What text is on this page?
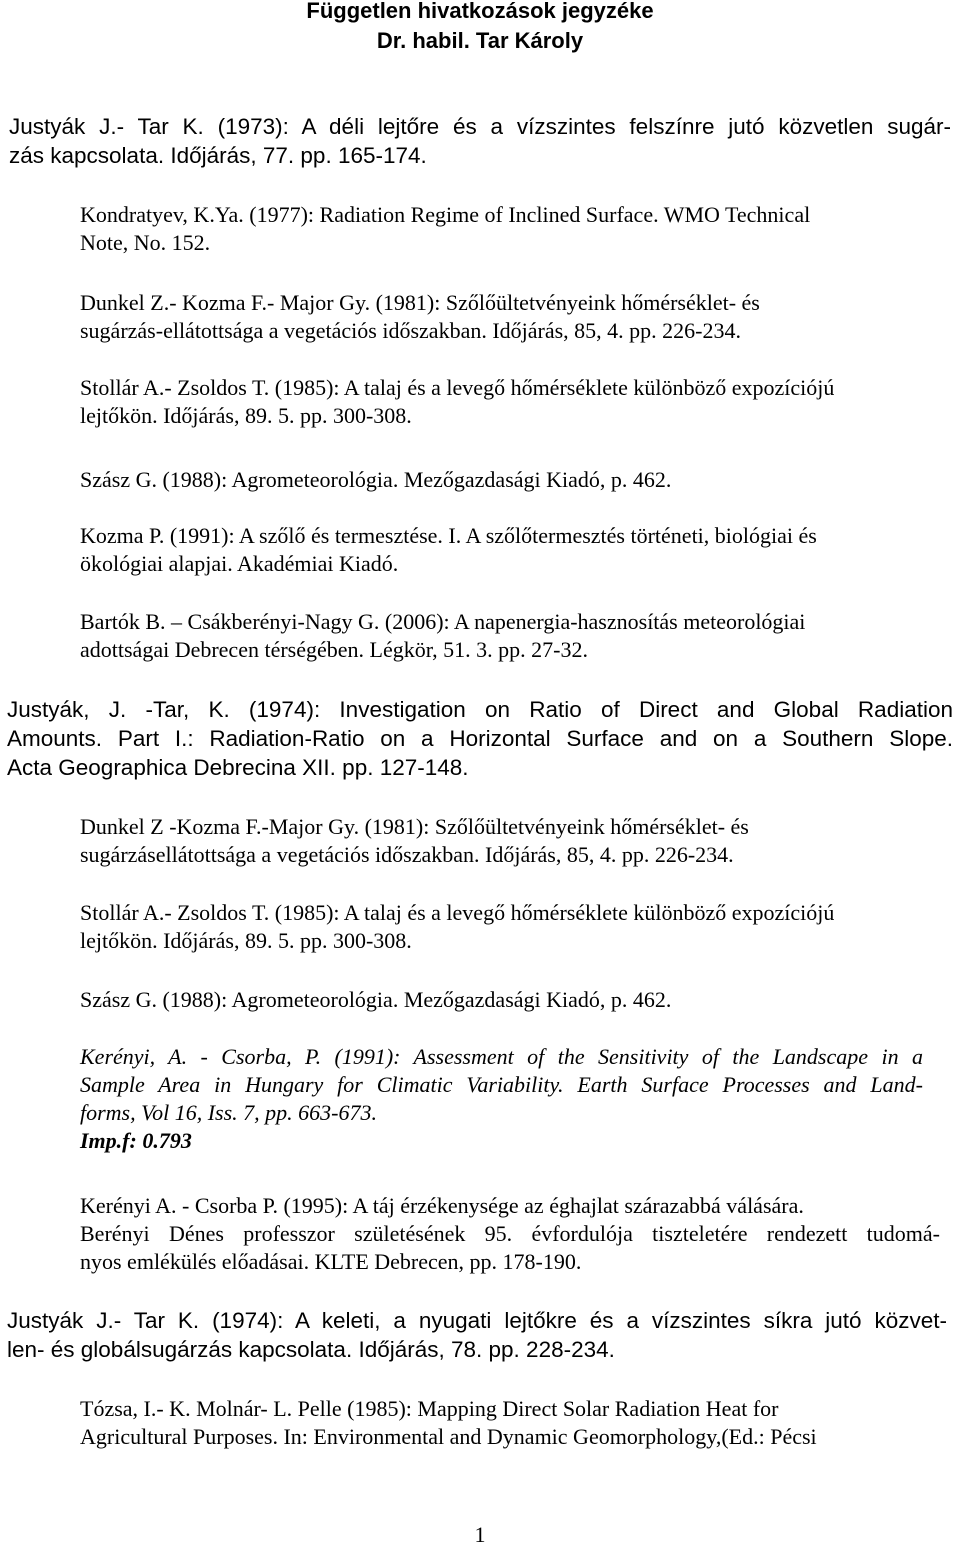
Független hivatkozások jegyzéke
Dr. habil. Tar Károly
Justyák J.- Tar K. (1973): A déli lejtőre és a vízszintes felszínre jutó közvetlen sugár-
zás kapcsolata. Időjárás, 77. pp. 165-174.
Kondratyev, K.Ya. (1977): Radiation Regime of Inclined Surface. WMO Technical
Note, No. 152.
Dunkel Z.- Kozma F.- Major Gy. (1981): Szőlőültetvényeink hőmérséklet- és
sugárzás-ellátottsága a vegetációs időszakban. Időjárás, 85, 4. pp. 226-234.
Stollár A.- Zsoldos T. (1985): A talaj és a levegő hőmérséklete különböző expozíciójú
lejtőkön. Időjárás, 89. 5. pp. 300-308.
Szász G. (1988): Agrometeorológia. Mezőgazdasági Kiadó, p. 462.
Kozma P. (1991): A szőlő és termesztése. I. A szőlőtermesztés történeti, biológiai és
ökológiai alapjai. Akadémiai Kiadó.
Bartók B. – Csákberényi-Nagy G. (2006): A napenergia-hasznosítás meteorológiai
adottságai Debrecen térségében. Légkör, 51. 3. pp. 27-32.
Justyák, J. -Tar, K. (1974): Investigation on Ratio of Direct and Global Radiation
Amounts. Part I.: Radiation-Ratio on a Horizontal Surface and on a Southern Slope.
Acta Geographica Debrecina XII. pp. 127-148.
Dunkel Z -Kozma F.-Major Gy. (1981): Szőlőültetvényeink hőmérséklet- és
sugárzásellátottsága a vegetációs időszakban. Időjárás, 85, 4. pp. 226-234.
Stollár A.- Zsoldos T. (1985): A talaj és a levegő hőmérséklete különböző expozíciójú
lejtőkön. Időjárás, 89. 5. pp. 300-308.
Szász G. (1988): Agrometeorológia. Mezőgazdasági Kiadó, p. 462.
Kerényi, A. - Csorba, P. (1991): Assessment of the Sensitivity of the Landscape in a
Sample Area in Hungary for Climatic Variability. Earth Surface Processes and Land-
forms, Vol 16, Iss. 7, pp. 663-673.
Imp.f: 0.793
Kerényi A. - Csorba P. (1995): A táj érzékenysége az éghajlat szárazabbá válására.
Berényi Dénes professzor születésének 95. évfordulója tiszteletére rendezett tudomá-
nyos emlékülés előadásai. KLTE Debrecen, pp. 178-190.
Justyák J.- Tar K. (1974): A keleti, a nyugati lejtőkre és a vízszintes síkra jutó közvet-
len- és globálsugárzás kapcsolata. Időjárás, 78. pp. 228-234.
Tózsa, I.- K. Molnár- L. Pelle (1985): Mapping Direct Solar Radiation Heat for
Agricultural Purposes. In: Environmental and Dynamic Geomorphology,(Ed.: Pécsi
1
